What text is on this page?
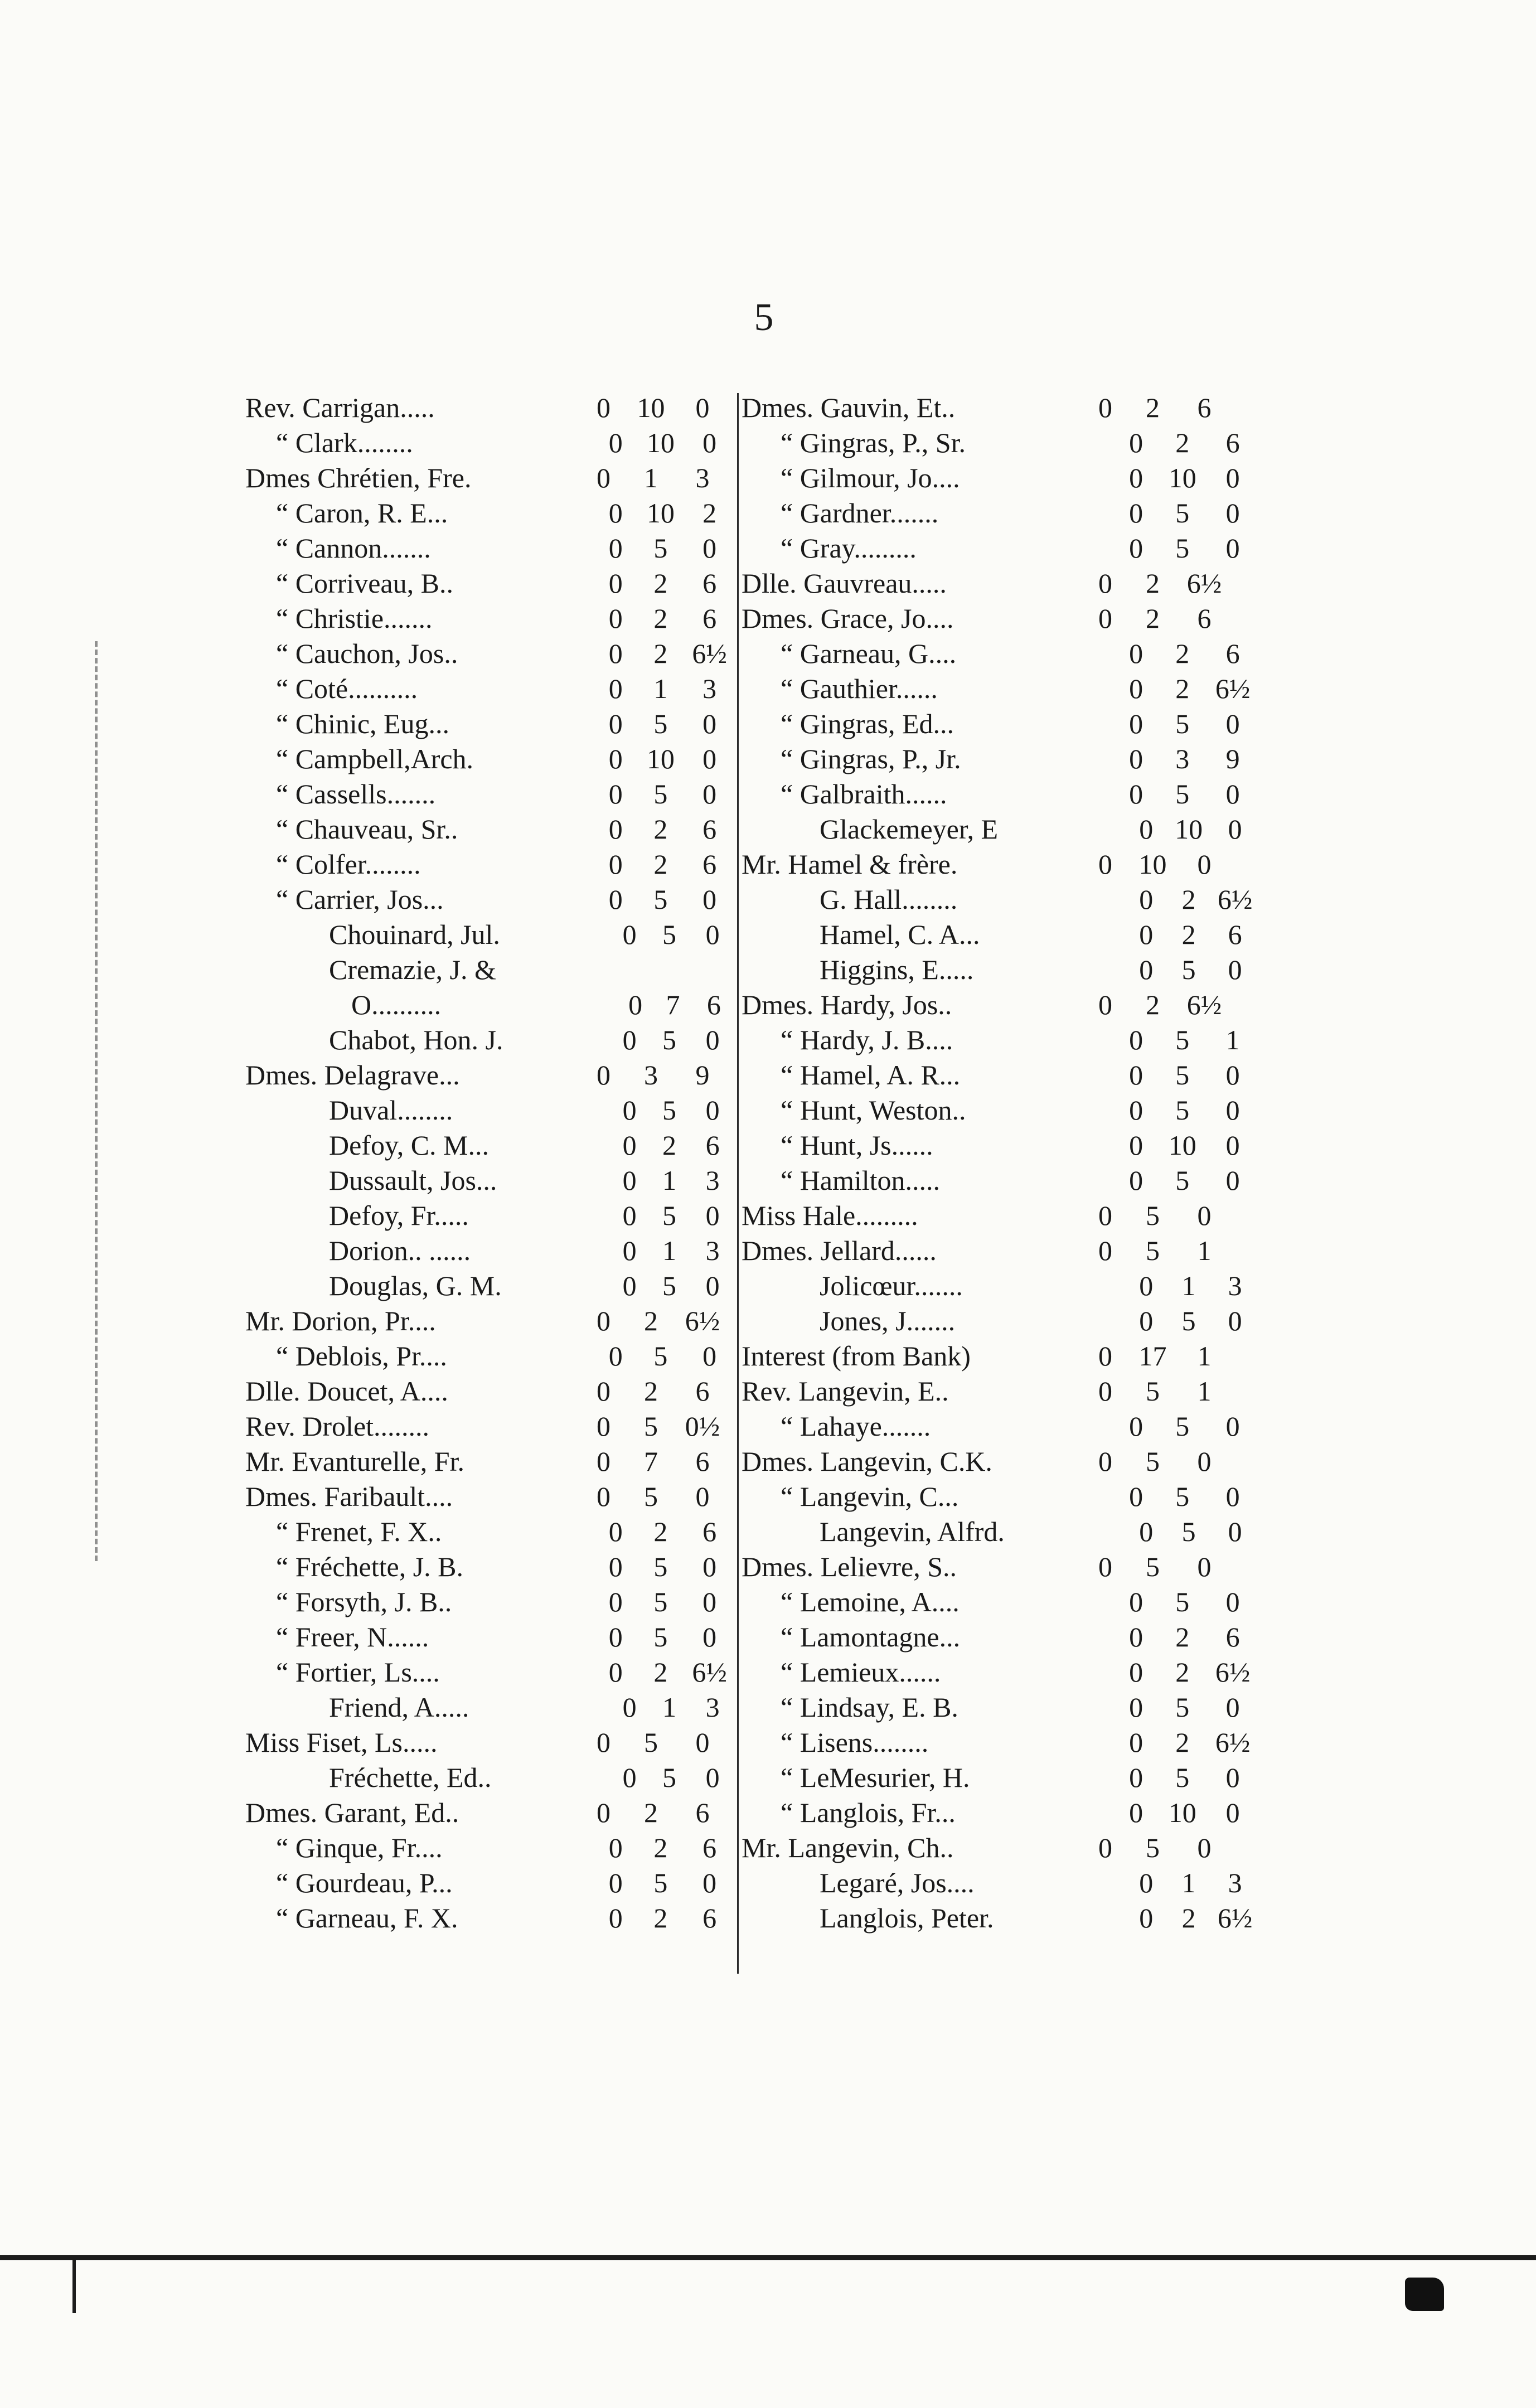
5
Rev. Carrigan.....	0 10	0
“ Clark........	0 10	0
Dmes Chrétien, Fre.	0	1	3
“ Caron, R. E...	0 10	2
“ Cannon.......	0	5	0
“ Corriveau, B..	0	2	6
“ Christie.......	0	2	6
“ Cauchon, Jos..	0	2 6½
“ Coté..........	0	1	3
“ Chinic, Eug...	0	5	0
“ Campbell,Arch.	0 10	0
“ Cassells.......	0	5	0
“ Chauveau, Sr..	0	2	6
“ Colfer........	0	2	6
“ Carrier, Jos...	0	5	0
Chouinard, Jul.	0 5	0
Cremazie, J. &
O..........	0 7 6
Chabot, Hon. J.	0 5	0
Dmes. Delagrave...	0	3	9
Duval........	0 5	0
Defoy, C. M...	0 2	6
Dussault, Jos...	0 1	3
Defoy, Fr.....	0 5	0
Dorion.. ......	0 1	3
Douglas, G. M.	0 5	0
Mr. Dorion, Pr....	0	2 6½
“ Deblois, Pr....	0	5	0
Dlle. Doucet, A....	0	2	6
Rev. Drolet........	0	5 0½
Mr. Evanturelle, Fr.	0	7	6
Dmes. Faribault....	0	5	0
“ Frenet, F. X..	0	2	6
“ Fréchette, J. B.	0	5	0
“ Forsyth, J. B..	0	5	0
“ Freer, N......	0	5	0
“ Fortier, Ls....	0	2 6½
Friend, A.....	0 1	3
Miss Fiset, Ls.....	0	5	0
Fréchette, Ed..	0 5	0
Dmes. Garant, Ed..	0	2	6
“ Ginque, Fr....	0	2	6
“ Gourdeau, P...	0	5	0
“ Garneau, F. X.	0	2	6
Dmes. Gauvin, Et..	0	2	6
“ Gingras, P., Sr.	0	2	6
“ Gilmour, Jo....	0 10	0
“ Gardner.......	0	5	0
“ Gray.........	0	5	0
Dlle. Gauvreau.....	0	2 6½
Dmes. Grace, Jo....	0	2	6
“ Garneau, G....	0	2	6
“ Gauthier......	0	2 6½
“ Gingras, Ed...	0	5	0
“ Gingras, P., Jr.	0	3	9
“ Galbraith......	0	5	0
Glackemeyer, E	0 10 0
Mr. Hamel & frère.	0 10	0
G. Hall........	0	2 6½
Hamel, C. A...	0	2	6
Higgins, E.....	0	5	0
Dmes. Hardy, Jos..	0	2 6½
“ Hardy, J. B....	0	5	1
“ Hamel, A. R...	0	5	0
“ Hunt, Weston..	0	5	0
“ Hunt, Js......	0 10	0
“ Hamilton.....	0	5	0
Miss Hale.........	0	5	0
Dmes. Jellard......	0	5	1
Jolicœur.......	0	1	3
Jones, J.......	0	5	0
Interest (from Bank)	0 17	1
Rev. Langevin, E..	0	5	1
“ Lahaye.......	0	5	0
Dmes. Langevin, C.K.	0	5	0
“ Langevin, C...	0	5	0
Langevin, Alfrd.	0	5	0
Dmes. Lelievre, S..	0	5	0
“ Lemoine, A....	0	5	0
“ Lamontagne...	0	2	6
“ Lemieux......	0	2 6½
“ Lindsay, E. B.	0	5	0
“ Lisens........	0	2 6½
“ LeMesurier, H.	0	5	0
“ Langlois, Fr...	0 10	0
Mr. Langevin, Ch..	0	5	0
Legaré, Jos....	0	1	3
Langlois, Peter.	0	2 6½
